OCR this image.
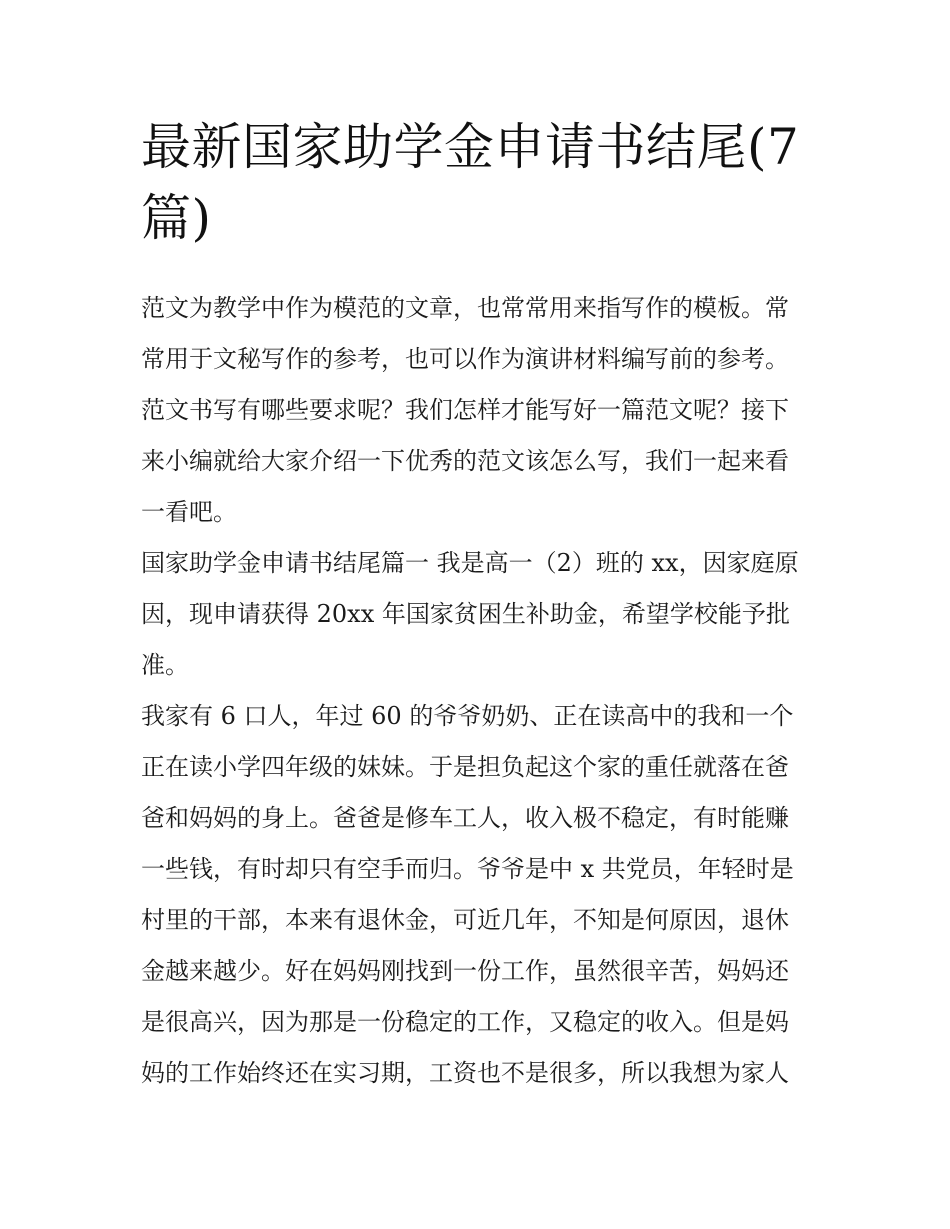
最新国家助学金申请书结尾(7
篇)

范文为教学中作为模范的文章，也常常用来指写作的模板。常
常用于文秘写作的参考，也可以作为演讲材料编写前的参考。
范文书写有哪些要求呢？我们怎样才能写好一篇范文呢？接下
来小编就给大家介绍一下优秀的范文该怎么写，我们一起来看
一看吧。

国家助学金申请书结尾篇一 我是高一（2）班的 xx，因家庭原
因，现申请获得 20xx 年国家贫困生补助金，希望学校能予批
准。

我家有 6 口人，年过 60 的爷爷奶奶、正在读高中的我和一个
正在读小学四年级的妹妹。于是担负起这个家的重任就落在爸
爸和妈妈的身上。爸爸是修车工人，收入极不稳定，有时能赚
一些钱，有时却只有空手而归。爷爷是中 x 共党员，年轻时是
村里的干部，本来有退休金，可近几年，不知是何原因，退休
金越来越少。好在妈妈刚找到一份工作，虽然很辛苦，妈妈还
是很高兴，因为那是一份稳定的工作，又稳定的收入。但是妈
妈的工作始终还在实习期，工资也不是很多，所以我想为家人
